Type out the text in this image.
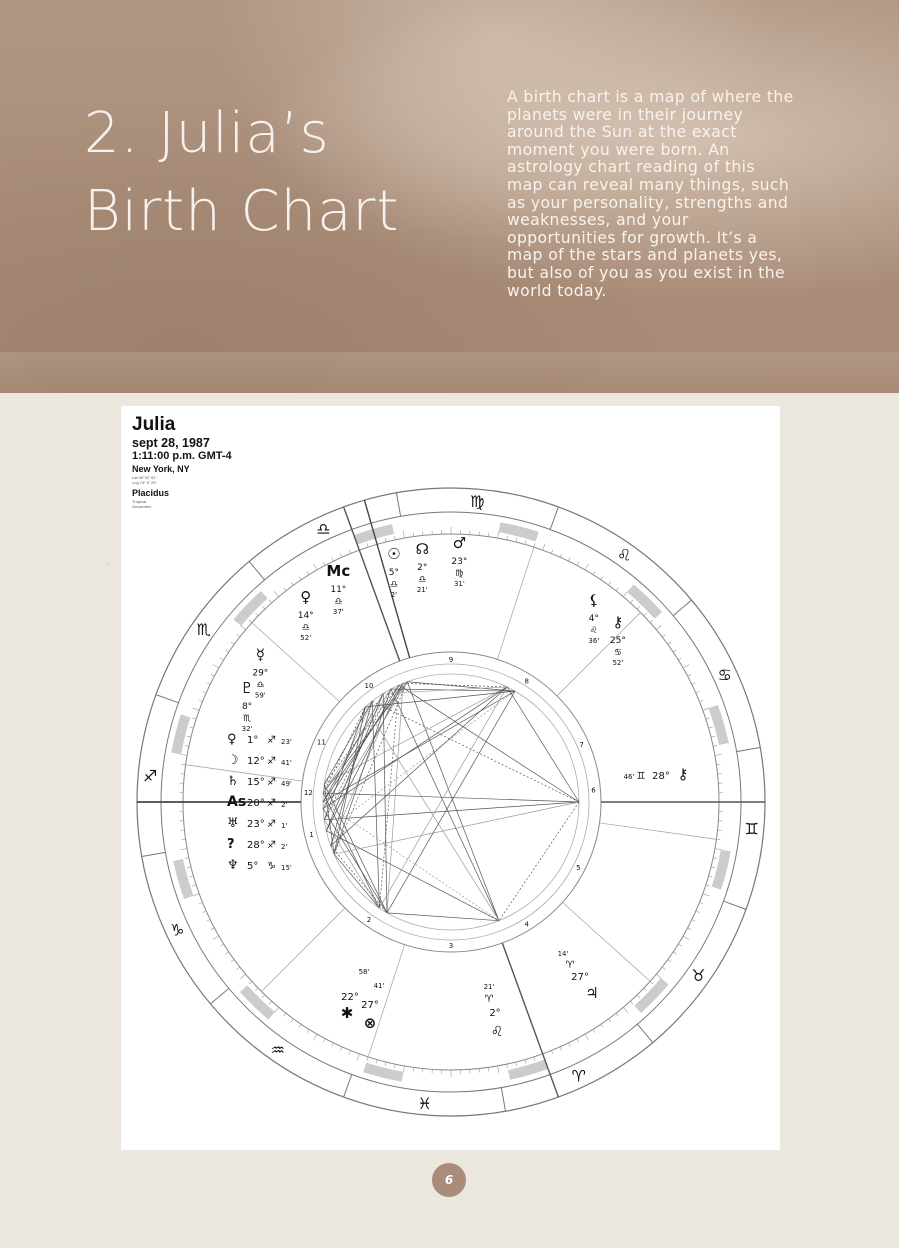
2. Julia’s
Birth Chart
A birth chart is a map of where the
planets were in their journey
around the Sun at the exact
moment you were born. An
astrology chart reading of this
map can reveal many things, such
as your personality, strengths and
weaknesses, and your
opportunities for growth. It’s a
map of the stars and planets yes,
but also of you as you exist in the
world today.
♊
♋
♌
♍
♎
♏
♐
♑
♒
♓
♈
♉
1
2
3
4
5
6
7
8
9
10
11
12
♇
8°
♏
32'
☿
29°
♎
59'
♀
14°
♎
52'
Mc
11°
♎
37'
☉
5°
♎
2'
☊
2°
♎
21'
♂
23°
♍
31'
⚸
4°
♌
36'
⚷
25°
♋
52'
♀ 1° ♐ 23'
☽ 12° ♐ 41'
♄ 15° ♐ 49'
As 20° ♐ 2'
♅ 23° ♐ 1'
? 28° ♐ 2'
♆ 5° ♑ 15'
46' ♊ 28° ⚷
58'
41'
22°
27°
⊗
✱
21'
♈
2°
♌
14'
♈
27°
♃
Julia
sept 28, 1987
1:11:00 p.m. GMT-4
New York, NY
Lat 40°42' 51"
Lng 74° 0' 23"
Placidus
Tropical
Geocentric
6
